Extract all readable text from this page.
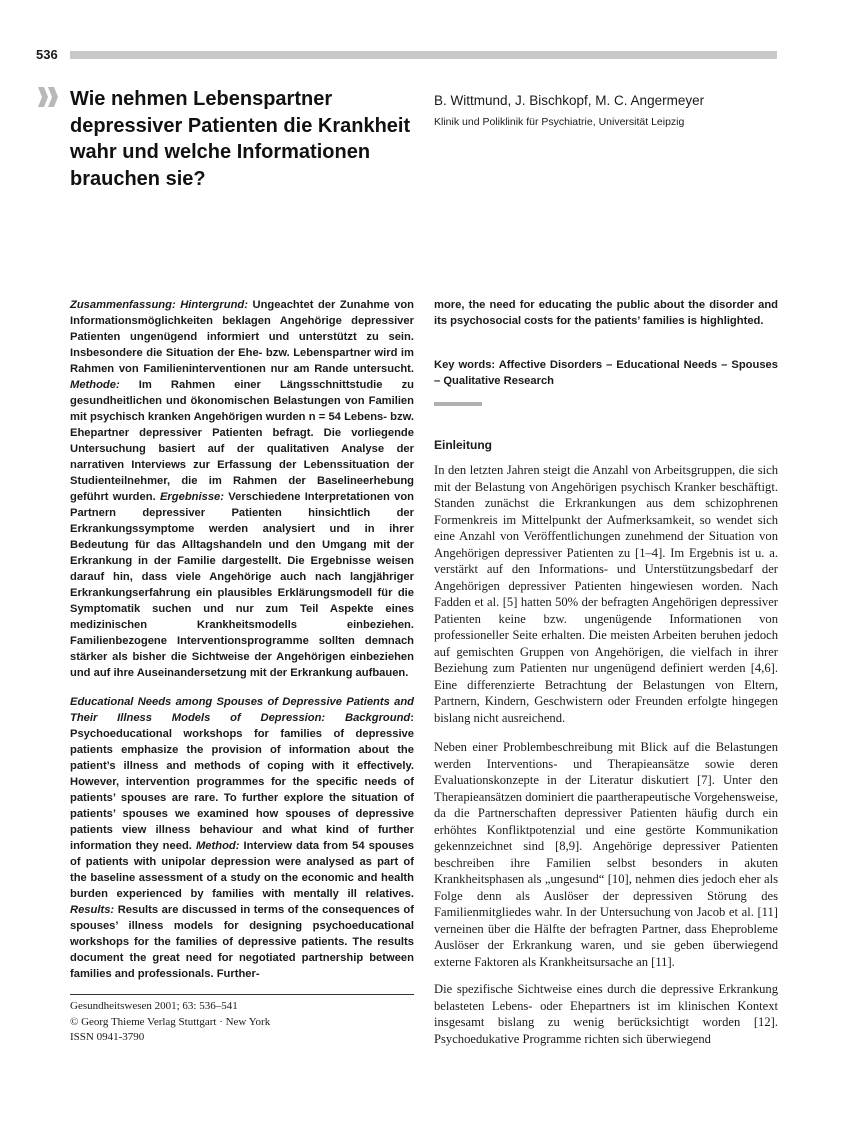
536
Wie nehmen Lebenspartner depressiver Patienten die Krankheit wahr und welche Informationen brauchen sie?
B. Wittmund, J. Bischkopf, M. C. Angermeyer
Klinik und Poliklinik für Psychiatrie, Universität Leipzig

Zusammenfassung: Hintergrund: Ungeachtet der Zunahme von Informationsmöglichkeiten beklagen Angehörige depressiver Patienten ungenügend informiert und unterstützt zu sein. Insbesondere die Situation der Ehe- bzw. Lebenspartner wird im Rahmen von Familieninterventionen nur am Rande untersucht. Methode: Im Rahmen einer Längsschnittstudie zu gesundheitlichen und ökonomischen Belastungen von Familien mit psychisch kranken Angehörigen wurden n = 54 Lebens- bzw. Ehepartner depressiver Patienten befragt. Die vorliegende Untersuchung basiert auf der qualitativen Analyse der narrativen Interviews zur Erfassung der Lebenssituation der Studienteilnehmer, die im Rahmen der Baselineerhebung geführt wurden. Ergebnisse: Verschiedene Interpretationen von Partnern depressiver Patienten hinsichtlich der Erkrankungssymptome werden analysiert und in ihrer Bedeutung für das Alltagshandeln und den Umgang mit der Erkrankung in der Familie dargestellt. Die Ergebnisse weisen darauf hin, dass viele Angehörige auch nach langjähriger Erkrankungserfahrung ein plausibles Erklärungsmodell für die Symptomatik suchen und nur zum Teil Aspekte eines medizinischen Krankheitsmodells einbeziehen. Familienbezogene Interventionsprogramme sollten demnach stärker als bisher die Sichtweise der Angehörigen einbeziehen und auf ihre Auseinandersetzung mit der Erkrankung aufbauen.

Educational Needs among Spouses of Depressive Patients and Their Illness Models of Depression: Background: Psychoeducational workshops for families of depressive patients emphasize the provision of information about the patient’s illness and methods of coping with it effectively. However, intervention programmes for the specific needs of patients’ spouses are rare. To further explore the situation of patients’ spouses we examined how spouses of depressive patients view illness behaviour and what kind of further information they need. Method: Interview data from 54 spouses of patients with unipolar depression were analysed as part of the baseline assessment of a study on the economic and health burden experienced by families with mentally ill relatives. Results: Results are discussed in terms of the consequences of spouses’ illness models for designing psychoeducational workshops for the families of depressive patients. The results document the great need for negotiated partnership between families and professionals. Further-

Key words: Affective Disorders – Educational Needs – Spouses – Qualitative Research

Einleitung

In den letzten Jahren steigt die Anzahl von Arbeitsgruppen, die sich mit der Belastung von Angehörigen psychisch Kranker beschäftigt. Standen zunächst die Erkrankungen aus dem schizophrenen Formenkreis im Mittelpunkt der Aufmerksamkeit, so wendet sich eine Anzahl von Veröffentlichungen zunehmend der Situation von Angehörigen depressiver Patienten zu [1–4]. Im Ergebnis ist u. a. verstärkt auf den Informations- und Unterstützungsbedarf der Angehörigen depressiver Patienten hingewiesen worden. Nach Fadden et al. [5] hatten 50% der befragten Angehörigen depressiver Patienten keine bzw. ungenügende Informationen von professioneller Seite erhalten. Die meisten Arbeiten beruhen jedoch auf gemischten Gruppen von Angehörigen, die vielfach in ihrer Beziehung zum Patienten nur ungenügend definiert werden [4,6]. Eine differenzierte Betrachtung der Belastungen von Eltern, Partnern, Kindern, Geschwistern oder Freunden erfolgte hingegen bislang nicht ausreichend.

Neben einer Problembeschreibung mit Blick auf die Belastungen werden Interventions- und Therapieansätze sowie deren Evaluationskonzepte in der Literatur diskutiert [7]. Unter den Therapieansätzen dominiert die paartherapeutische Vorgehensweise, da die Partnerschaften depressiver Patienten häufig durch ein erhöhtes Konfliktpotenzial und eine gestörte Kommunikation gekennzeichnet sind [8,9]. Angehörige depressiver Patienten beschreiben ihre Familien selbst besonders in akuten Krankheitsphasen als „ungesund“ [10], nehmen dies jedoch eher als Folge denn als Auslöser der depressiven Störung des Familienmitgliedes wahr. In der Untersuchung von Jacob et al. [11] verneinen über die Hälfte der befragten Partner, dass Eheprobleme Auslöser der Erkrankung waren, und sie geben überwiegend externe Faktoren als Krankheitsursache an [11].

Die spezifische Sichtweise eines durch die depressive Erkrankung belasteten Lebens- oder Ehepartners ist im klinischen Kontext insgesamt bislang zu wenig berücksichtigt worden [12]. Psychoedukative Programme richten sich überwiegend

Gesundheitswesen 2001; 63: 536–541
© Georg Thieme Verlag Stuttgart · New York
ISSN 0941-3790

more, the need for educating the public about the disorder and its psychosocial costs for the patients’ families is highlighted.
